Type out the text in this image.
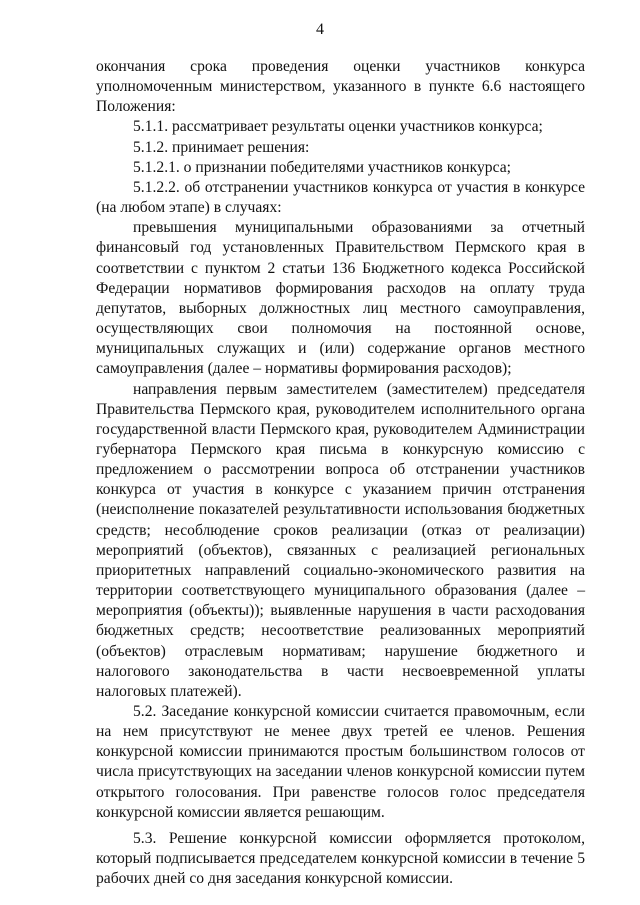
4

окончания срока проведения оценки участников конкурса уполномоченным министерством, указанного в пункте 6.6 настоящего Положения:

5.1.1. рассматривает результаты оценки участников конкурса;

5.1.2. принимает решения:

5.1.2.1. о признании победителями участников конкурса;

5.1.2.2. об отстранении участников конкурса от участия в конкурсе (на любом этапе) в случаях:

превышения муниципальными образованиями за отчетный финансовый год установленных Правительством Пермского края в соответствии с пунктом 2 статьи 136 Бюджетного кодекса Российской Федерации нормативов формирования расходов на оплату труда депутатов, выборных должностных лиц местного самоуправления, осуществляющих свои полномочия на постоянной основе, муниципальных служащих и (или) содержание органов местного самоуправления (далее – нормативы формирования расходов);

направления первым заместителем (заместителем) председателя Правительства Пермского края, руководителем исполнительного органа государственной власти Пермского края, руководителем Администрации губернатора Пермского края письма в конкурсную комиссию с предложением о рассмотрении вопроса об отстранении участников конкурса от участия в конкурсе с указанием причин отстранения (неисполнение показателей результативности использования бюджетных средств; несоблюдение сроков реализации (отказ от реализации) мероприятий (объектов), связанных с реализацией региональных приоритетных направлений социально-экономического развития на территории соответствующего муниципального образования (далее – мероприятия (объекты)); выявленные нарушения в части расходования бюджетных средств; несоответствие реализованных мероприятий (объектов) отраслевым нормативам; нарушение бюджетного и налогового законодательства в части несвоевременной уплаты налоговых платежей).

5.2. Заседание конкурсной комиссии считается правомочным, если на нем присутствуют не менее двух третей ее членов. Решения конкурсной комиссии принимаются простым большинством голосов от числа присутствующих на заседании членов конкурсной комиссии путем открытого голосования. При равенстве голосов голос председателя конкурсной комиссии является решающим.

5.3. Решение конкурсной комиссии оформляется протоколом, который подписывается председателем конкурсной комиссии в течение 5 рабочих дней со дня заседания конкурсной комиссии.
